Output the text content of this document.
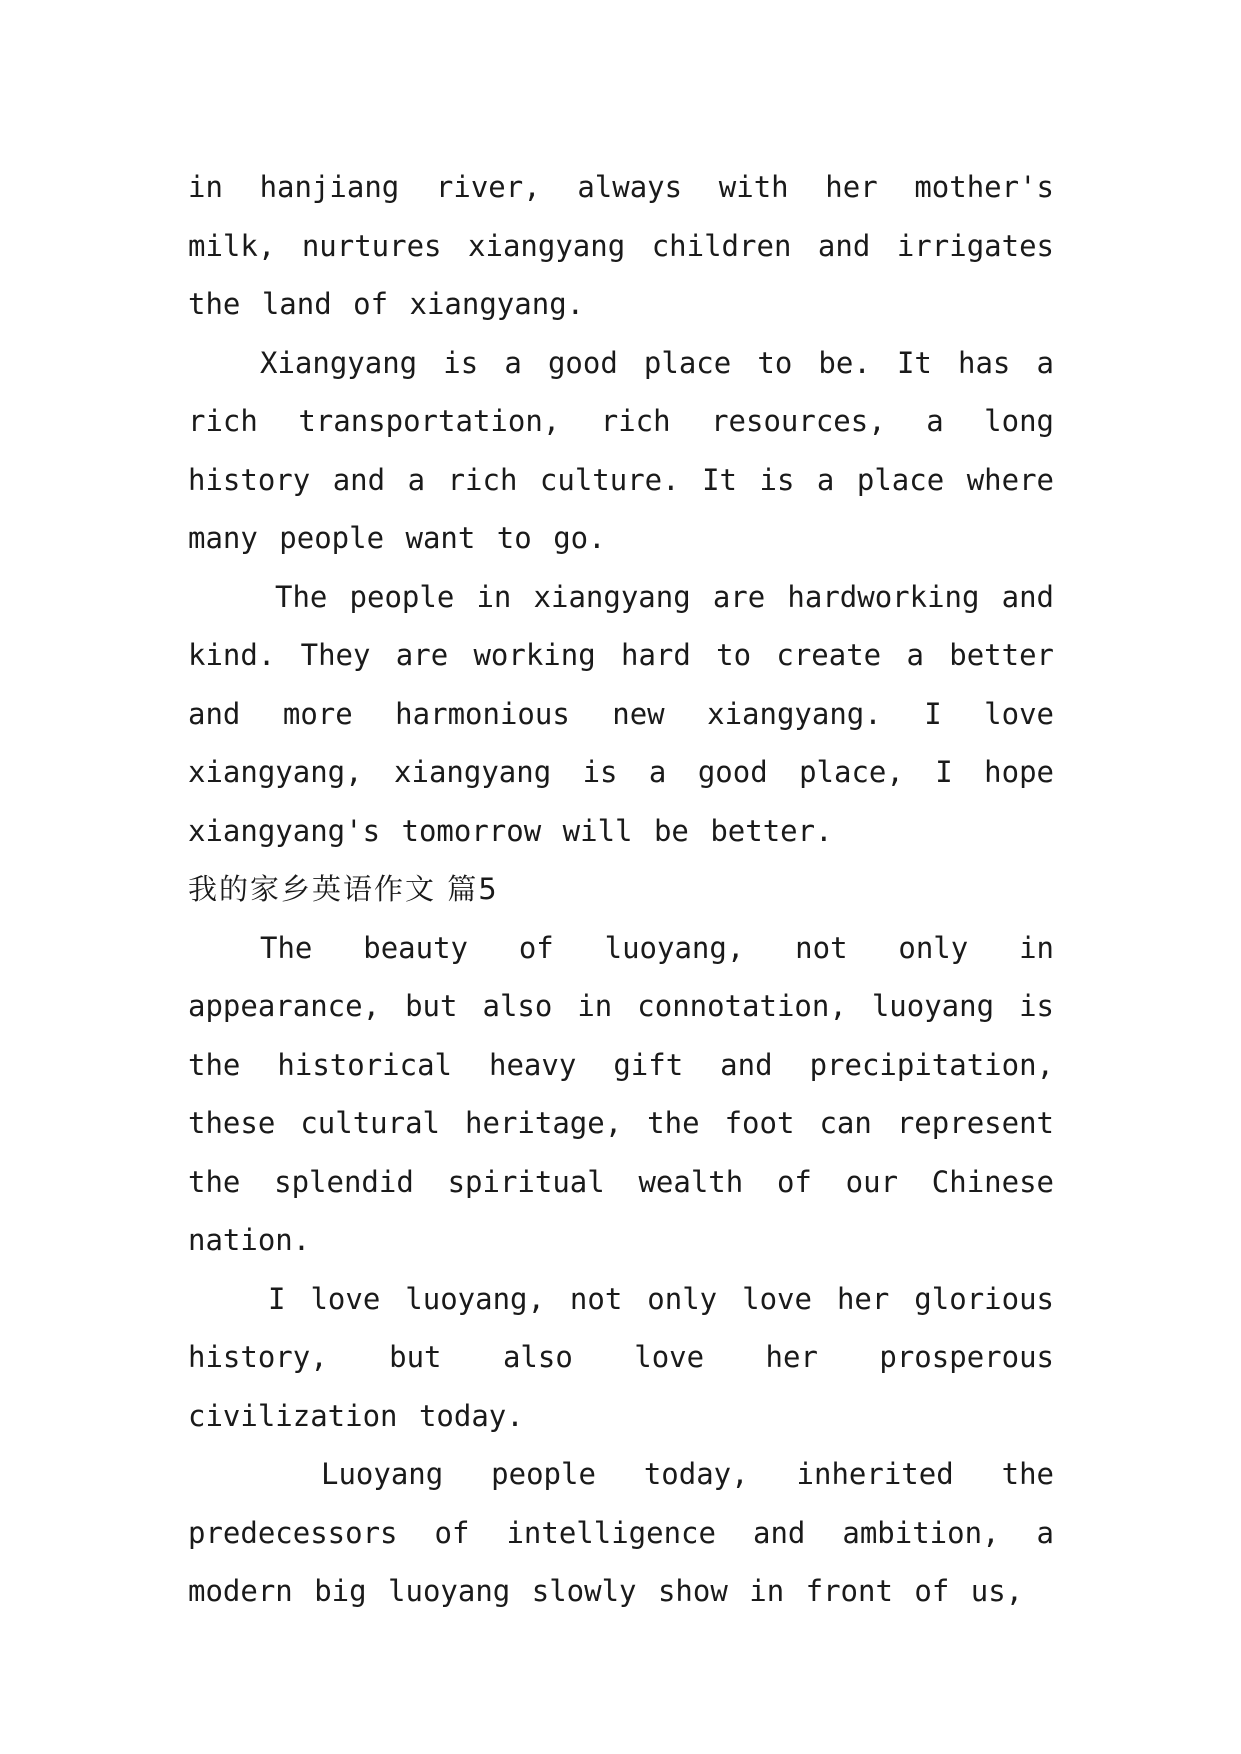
in hanjiang river, always with her mother's milk, nurtures xiangyang children and irrigates the land of xiangyang.

Xiangyang is a good place to be. It has a rich transportation, rich resources, a long history and a rich culture. It is a place where many people want to go.

The people in xiangyang are hardworking and kind. They are working hard to create a better and more harmonious new xiangyang. I love xiangyang, xiangyang is a good place, I hope xiangyang's tomorrow will be better.

我的家乡英语作文 篇5

The beauty of luoyang, not only in appearance, but also in connotation, luoyang is the historical heavy gift and precipitation, these cultural heritage, the foot can represent the splendid spiritual wealth of our Chinese nation.

I love luoyang, not only love her glorious history, but also love her prosperous civilization today.

Luoyang people today, inherited the predecessors of intelligence and ambition, a modern big luoyang slowly show in front of us,
